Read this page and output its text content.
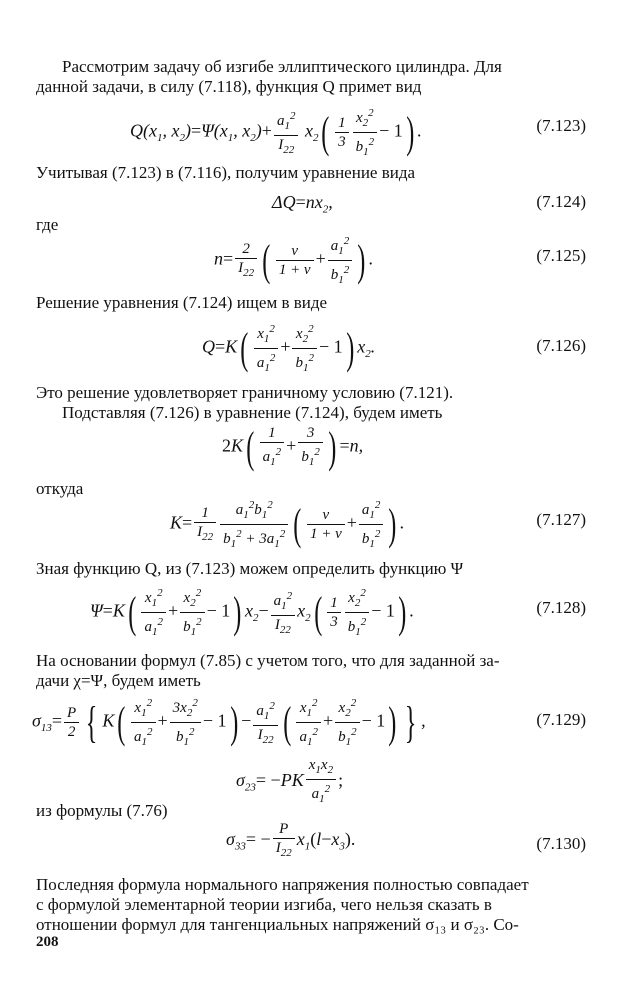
Рассмотрим задачу об изгибе эллиптического цилиндра. Для
данной задачи, в силу (7.118), функция Q примет вид
$Q(x_1$, $x_2)=\Psi(x_1$, $x_2)+ \frac{a_1^2}{I_{22}} x_2( \frac{1}{3} \frac{x_2^2}{b_1^2} - 1)$ .	(7.123)
Учитывая (7.123) в (7.116), получим уравнение вида
$\Delta Q=nx_2$,	(7.124)
где
$n= \frac{2}{I_{22}}$ ( $\frac{\nu}{1 + \nu} + \frac{a_1^2}{b_1^2}$ ) .	(7.125)
Решение уравнения (7.124) ищем в виде
$Q=K( \frac{x_1^2}{a_1^2} + \frac{x_2^2}{b_1^2} - 1)$ $x_2$.	(7.126)
Это решение удовлетворяет граничному условию (7.121).
Подставляя (7.126) в уравнение (7.124), будем иметь
$2K( \frac{1}{a_1^2} + \frac{3}{b_1^2}$ ) =n,
откуда
$K= \frac{1}{I_{22}} \frac{a_1^2b_1^2}{b_1^2 + 3a_1^2}$ ( $\frac{\nu}{1 + \nu} + \frac{a_1^2}{b_1^2}$ ) .	(7.127)
Зная функцию Q, из (7.123) можем определить функцию Ψ
$\Psi=K( \frac{x_1^2}{a_1^2} + \frac{x_2^2}{b_1^2} - 1)$ $x_2- \frac{a_1^2}{I_{22}} x_2( \frac{1}{3} \frac{x_2^2}{b_1^2} - 1)$ .	(7.128)
На основании формул (7.85) с учетом того, что для заданной за-
дачи χ=Ψ, будем иметь
$\sigma_{13}= \frac{P}{2}$ { $K( \frac{x_1^2}{a_1^2} + \frac{3x_2^2}{b_1^2} - 1) - \frac{a_1^2}{I_{22}}$ ( $\frac{x_1^2}{a_1^2} + \frac{x_2^2}{b_1^2} - 1$) } ,	(7.129)
$\sigma_{23}= -PK \frac{x_1x_2}{a_1^2}$ ;
из формулы (7.76)
$\sigma_{33}= - \frac{P}{I_{22}} x_1(l-x_3)$.	(7.130)
Последняя формула нормального напряжения полностью совпадает
с формулой элементарной теории изгиба, чего нельзя сказать в
отношении формул для тангенциальных напряжений σ₁₃ и σ₂₃. Со-
208
